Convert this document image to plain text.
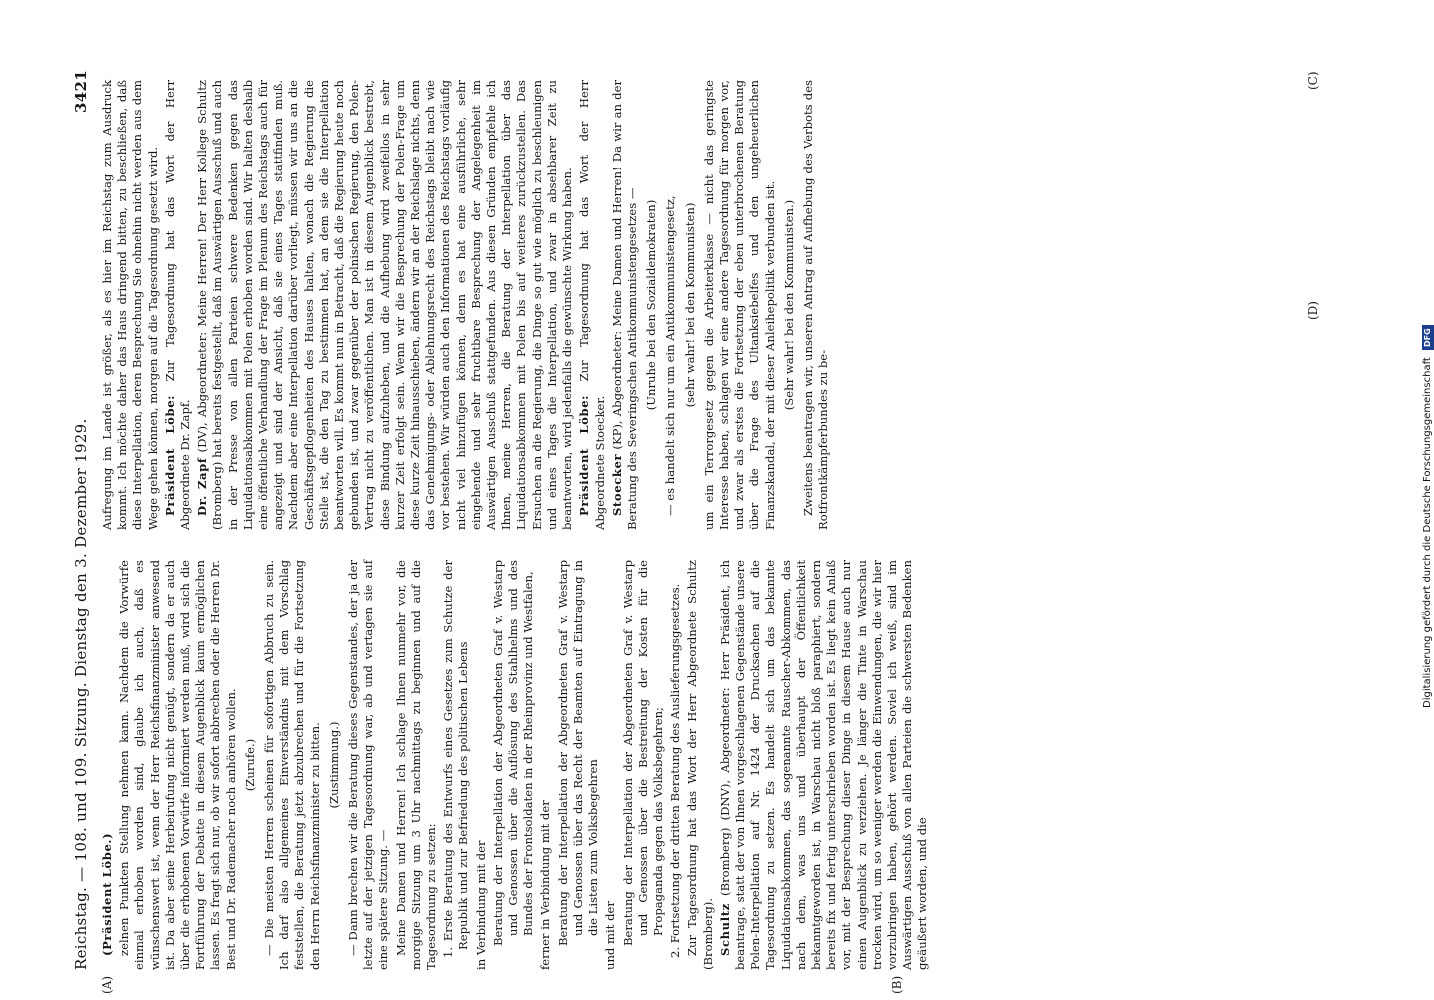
Reichstag. — 108. und 109. Sitzung. Dienstag den 3. Dezember 1929.
3421

(Präsident Löbe.) zelnen Punkten Stellung nehmen kann. Nachdem die Vorwürfe einmal erhoben worden sind, glaube ich auch, daß es wünschenswert ist, wenn der Herr Reichsfinanzminister anwesend ist. Da aber seine Herbeirufung nicht genügt, sondern da er auch über die erhobenen Vorwürfe informiert werden muß, wird sich die Fortführung der Debatte in diesem Augenblick kaum ermöglichen lassen. Es fragt sich nur, ob wir sofort abbrechen oder die Herren Dr. Best und Dr. Rademacher noch anhören wollen. (Zurufe.) — Die meisten Herren scheinen für sofortigen Abbruch zu sein. Ich darf also allgemeines Einverständnis mit dem Vorschlag feststellen, die Beratung jetzt abzubrechen und für die Fortsetzung den Herrn Reichsfinanzminister zu bitten. (Zustimmung.) — Dann brechen wir die Beratung dieses Gegenstandes, der ja der letzte auf der jetzigen Tagesordnung war, ab und vertagen sie auf eine spätere Sitzung. — Meine Damen und Herren! Ich schlage Ihnen nunmehr vor, die morgige Sitzung um 3 Uhr nachmittags zu beginnen und auf die Tagesordnung zu setzen: 1. Erste Beratung des Entwurfs eines Gesetzes zum Schutze der Republik und zur Befriedung des politischen Lebens in Verbindung mit der Beratung der Interpellation der Abgeordneten Graf v. Westarp und Genossen über die Auflösung des Stahlhelms und des Bundes der Frontsoldaten in der Rheinprovinz und Westfalen, ferner in Verbindung mit der Beratung der Interpellation der Abgeordneten Graf v. Westarp und Genossen über das Recht der Beamten auf Eintragung in die Listen zum Volksbegehren und mit der Beratung der Interpellation der Abgeordneten Graf v. Westarp und Genossen über die Bestreitung der Kosten für die Propaganda gegen das Volksbegehren; 2. Fortsetzung der dritten Beratung des Auslieferungsgesetzes. Zur Tagesordnung hat das Wort der Herr Abgeordnete Schultz (Bromberg). Schultz (Bromberg) (DNV), Abgeordneter: Herr Präsident, ich beantrage, statt der von Ihnen vorgeschlagenen Gegenstände unsere Polen-Interpellation auf Nr. 1424 der Drucksachen auf die Tagesordnung zu setzen. Es handelt sich um das bekannte Liquidationsabkommen, das sogenannte Rauscher-Abkommen, das nach dem, was uns und überhaupt der Öffentlichkeit bekanntgeworden ist, in Warschau nicht bloß paraphiert, sondern bereits fix und fertig unterschrieben worden ist. Es liegt kein Anlaß vor, mit der Besprechung dieser Dinge in diesem Hause auch nur einen Augenblick zu verziehen. Je länger die Tinte in Warschau trocken wird, um so weniger werden die Einwendungen, die wir hier vorzubringen haben, gehört werden. Soviel ich weiß, sind im Auswärtigen Ausschuß von allen Parteien die schwersten Bedenken geäußert worden, und die

Aufregung im Lande ist größer, als es hier im Reichstag zum Ausdruck kommt. Ich möchte daher das Haus dringend bitten, zu beschließen, daß diese Interpellation, deren Besprechung Sie ohnehin nicht werden aus dem Wege gehen können, morgen auf die Tagesordnung gesetzt wird. Präsident Löbe: Zur Tagesordnung hat das Wort der Herr Abgeordnete Dr. Zapf. Dr. Zapf (DV), Abgeordneter: Meine Herren! Der Herr Kollege Schultz (Bromberg) hat bereits festgestellt, daß im Auswärtigen Ausschuß und auch in der Presse von allen Parteien schwere Bedenken gegen das Liquidationsabkommen mit Polen erhoben worden sind. Wir halten deshalb eine öffentliche Verhandlung der Frage im Plenum des Reichstags auch für angezeigt und sind der Ansicht, daß sie eines Tages stattfinden muß. Nachdem aber eine Interpellation darüber vorliegt, müssen wir uns an die Geschäftsgepflogenheiten des Hauses halten, wonach die Regierung die Stelle ist, die den Tag zu bestimmen hat, an dem sie die Interpellation beantworten will. Es kommt nun in Betracht, daß die Regierung heute noch gebunden ist, und zwar gegenüber der polnischen Regierung, den Polen-Vertrag nicht zu veröffentlichen. Man ist in diesem Augenblick bestrebt, diese Bindung aufzuheben, und die Aufhebung wird zweifellos in sehr kurzer Zeit erfolgt sein. Wenn wir die Besprechung der Polen-Frage um diese kurze Zeit hinausschieben, ändern wir an der Reichslage nichts, denn das Genehmigungs- oder Ablehnungsrecht des Reichstags bleibt nach wie vor bestehen. Wir würden auch den Informationen des Reichstags vorläufig nicht viel hinzufügen können, denn es hat eine ausführliche, sehr eingehende und sehr fruchtbare Besprechung der Angelegenheit im Auswärtigen Ausschuß stattgefunden. Aus diesen Gründen empfehle ich Ihnen, meine Herren, die Beratung der Interpellation über das Liquidationsabkommen mit Polen bis auf weiteres zurückzustellen. Das Ersuchen an die Regierung, die Dinge so gut wie möglich zu beschleunigen und eines Tages die Interpellation, und zwar in absehbarer Zeit zu beantworten, wird jedenfalls die gewünschte Wirkung haben. Präsident Löbe: Zur Tagesordnung hat das Wort der Herr Abgeordnete Stoecker. Stoecker (KP), Abgeordneter: Meine Damen und Herren! Da wir an der Beratung des Severingschen Antikommunistengesetzes — (Unruhe bei den Sozialdemokraten) — es handelt sich nur um ein Antikommunistengesetz, (sehr wahr! bei den Kommunisten) um ein Terrorgesetz gegen die Arbeiterklasse — nicht das geringste Interesse haben, schlagen wir eine andere Tagesordnung für morgen vor, und zwar als erstes die Fortsetzung der eben unterbrochenen Beratung über die Frage des Ultanksiebelfes und den ungeheuerlichen Finanzskandal, der mit dieser Anleihepolitik verbunden ist. (Sehr wahr! bei den Kommunisten.) Zweitens beantragen wir, unseren Antrag auf Aufhebung des Verbots des Rotfrontkämpferbundes zu be-

(A)	(B)
(C)
(D)
Digitalisierung gefördert durch die Deutsche Forschungsgemeinschaft DFG
